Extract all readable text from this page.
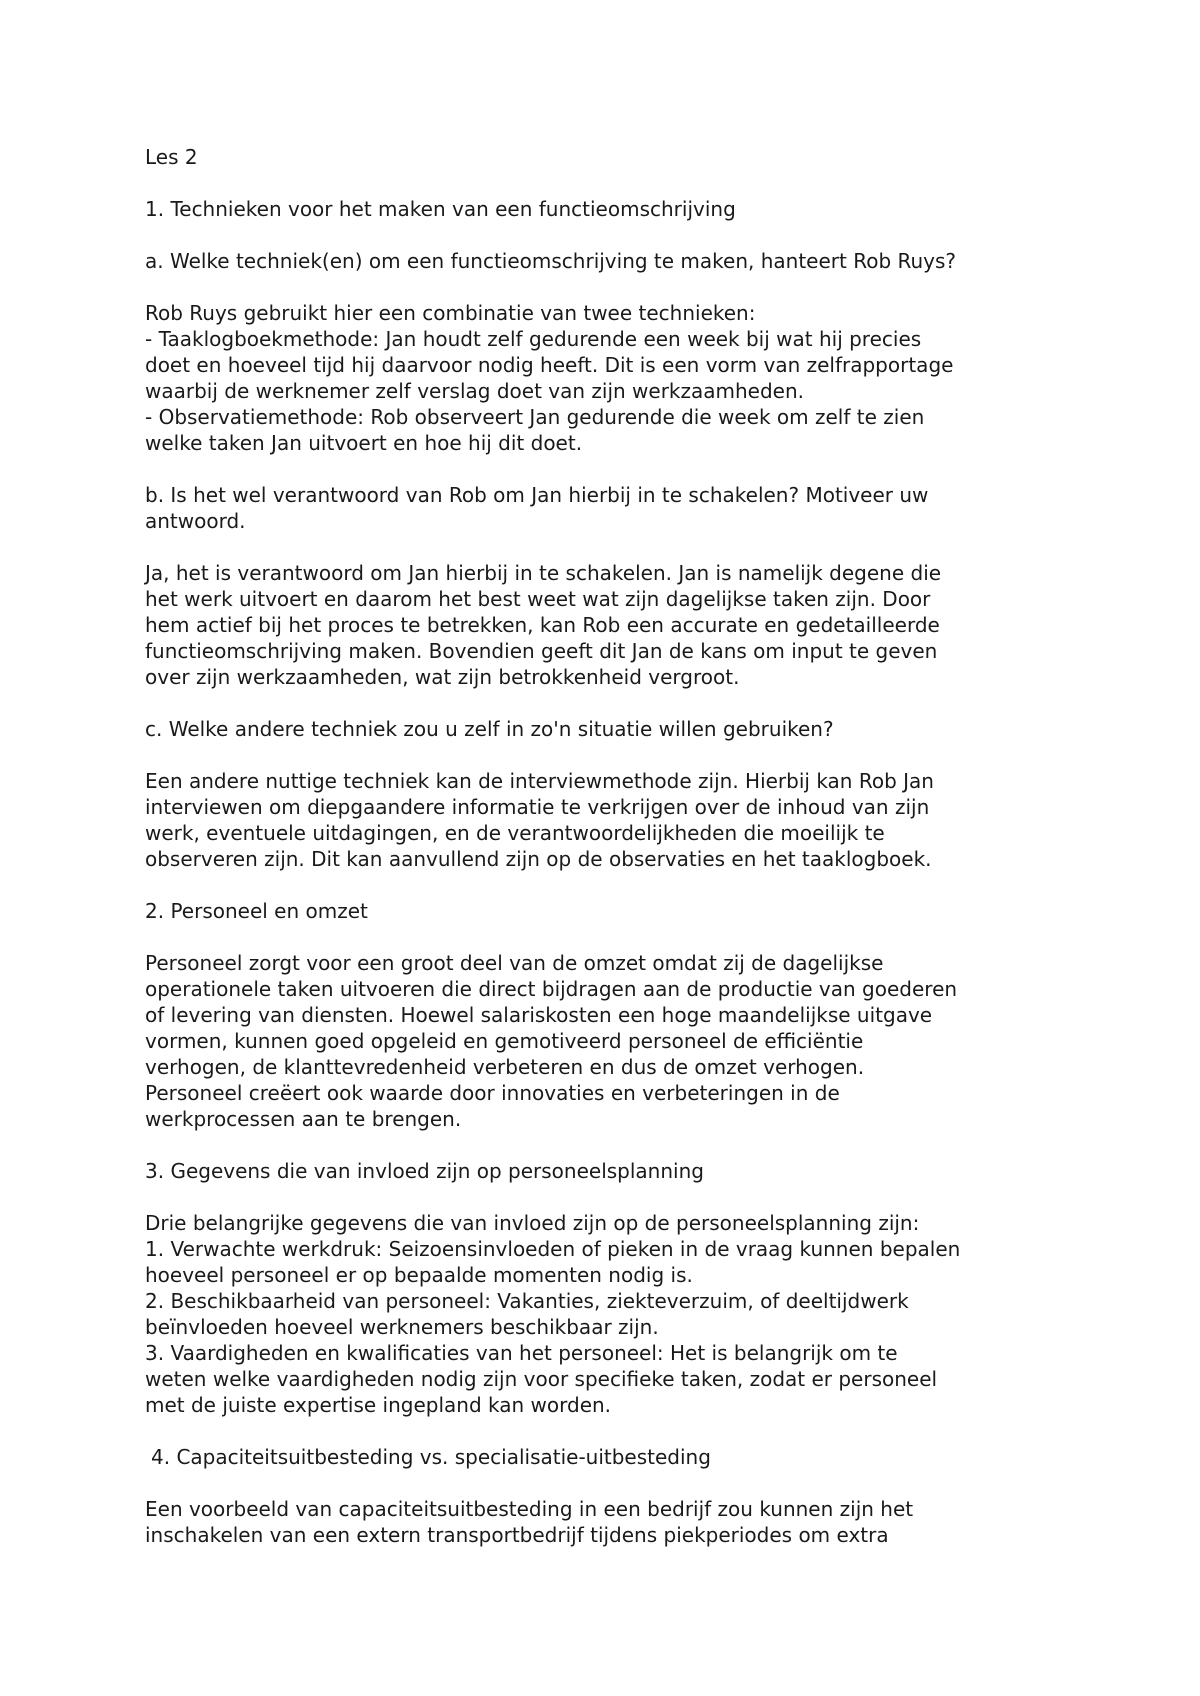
Les 2

1. Technieken voor het maken van een functieomschrijving

a. Welke techniek(en) om een functieomschrijving te maken, hanteert Rob Ruys?

Rob Ruys gebruikt hier een combinatie van twee technieken:
- Taaklogboekmethode: Jan houdt zelf gedurende een week bij wat hij precies
doet en hoeveel tijd hij daarvoor nodig heeft. Dit is een vorm van zelfrapportage
waarbij de werknemer zelf verslag doet van zijn werkzaamheden.
- Observatiemethode: Rob observeert Jan gedurende die week om zelf te zien
welke taken Jan uitvoert en hoe hij dit doet.

b. Is het wel verantwoord van Rob om Jan hierbij in te schakelen? Motiveer uw
antwoord.

Ja, het is verantwoord om Jan hierbij in te schakelen. Jan is namelijk degene die
het werk uitvoert en daarom het best weet wat zijn dagelijkse taken zijn. Door
hem actief bij het proces te betrekken, kan Rob een accurate en gedetailleerde
functieomschrijving maken. Bovendien geeft dit Jan de kans om input te geven
over zijn werkzaamheden, wat zijn betrokkenheid vergroot.

c. Welke andere techniek zou u zelf in zo'n situatie willen gebruiken?

Een andere nuttige techniek kan de interviewmethode zijn. Hierbij kan Rob Jan
interviewen om diepgaandere informatie te verkrijgen over de inhoud van zijn
werk, eventuele uitdagingen, en de verantwoordelijkheden die moeilijk te
observeren zijn. Dit kan aanvullend zijn op de observaties en het taaklogboek.

2. Personeel en omzet

Personeel zorgt voor een groot deel van de omzet omdat zij de dagelijkse
operationele taken uitvoeren die direct bijdragen aan de productie van goederen
of levering van diensten. Hoewel salariskosten een hoge maandelijkse uitgave
vormen, kunnen goed opgeleid en gemotiveerd personeel de efficiëntie
verhogen, de klanttevredenheid verbeteren en dus de omzet verhogen.
Personeel creëert ook waarde door innovaties en verbeteringen in de
werkprocessen aan te brengen.

3. Gegevens die van invloed zijn op personeelsplanning

Drie belangrijke gegevens die van invloed zijn op de personeelsplanning zijn:
1. Verwachte werkdruk: Seizoensinvloeden of pieken in de vraag kunnen bepalen
hoeveel personeel er op bepaalde momenten nodig is.
2. Beschikbaarheid van personeel: Vakanties, ziekteverzuim, of deeltijdwerk
beïnvloeden hoeveel werknemers beschikbaar zijn.
3. Vaardigheden en kwalificaties van het personeel: Het is belangrijk om te
weten welke vaardigheden nodig zijn voor specifieke taken, zodat er personeel
met de juiste expertise ingepland kan worden.

4. Capaciteitsuitbesteding vs. specialisatie-uitbesteding

Een voorbeeld van capaciteitsuitbesteding in een bedrijf zou kunnen zijn het
inschakelen van een extern transportbedrijf tijdens piekperiodes om extra
